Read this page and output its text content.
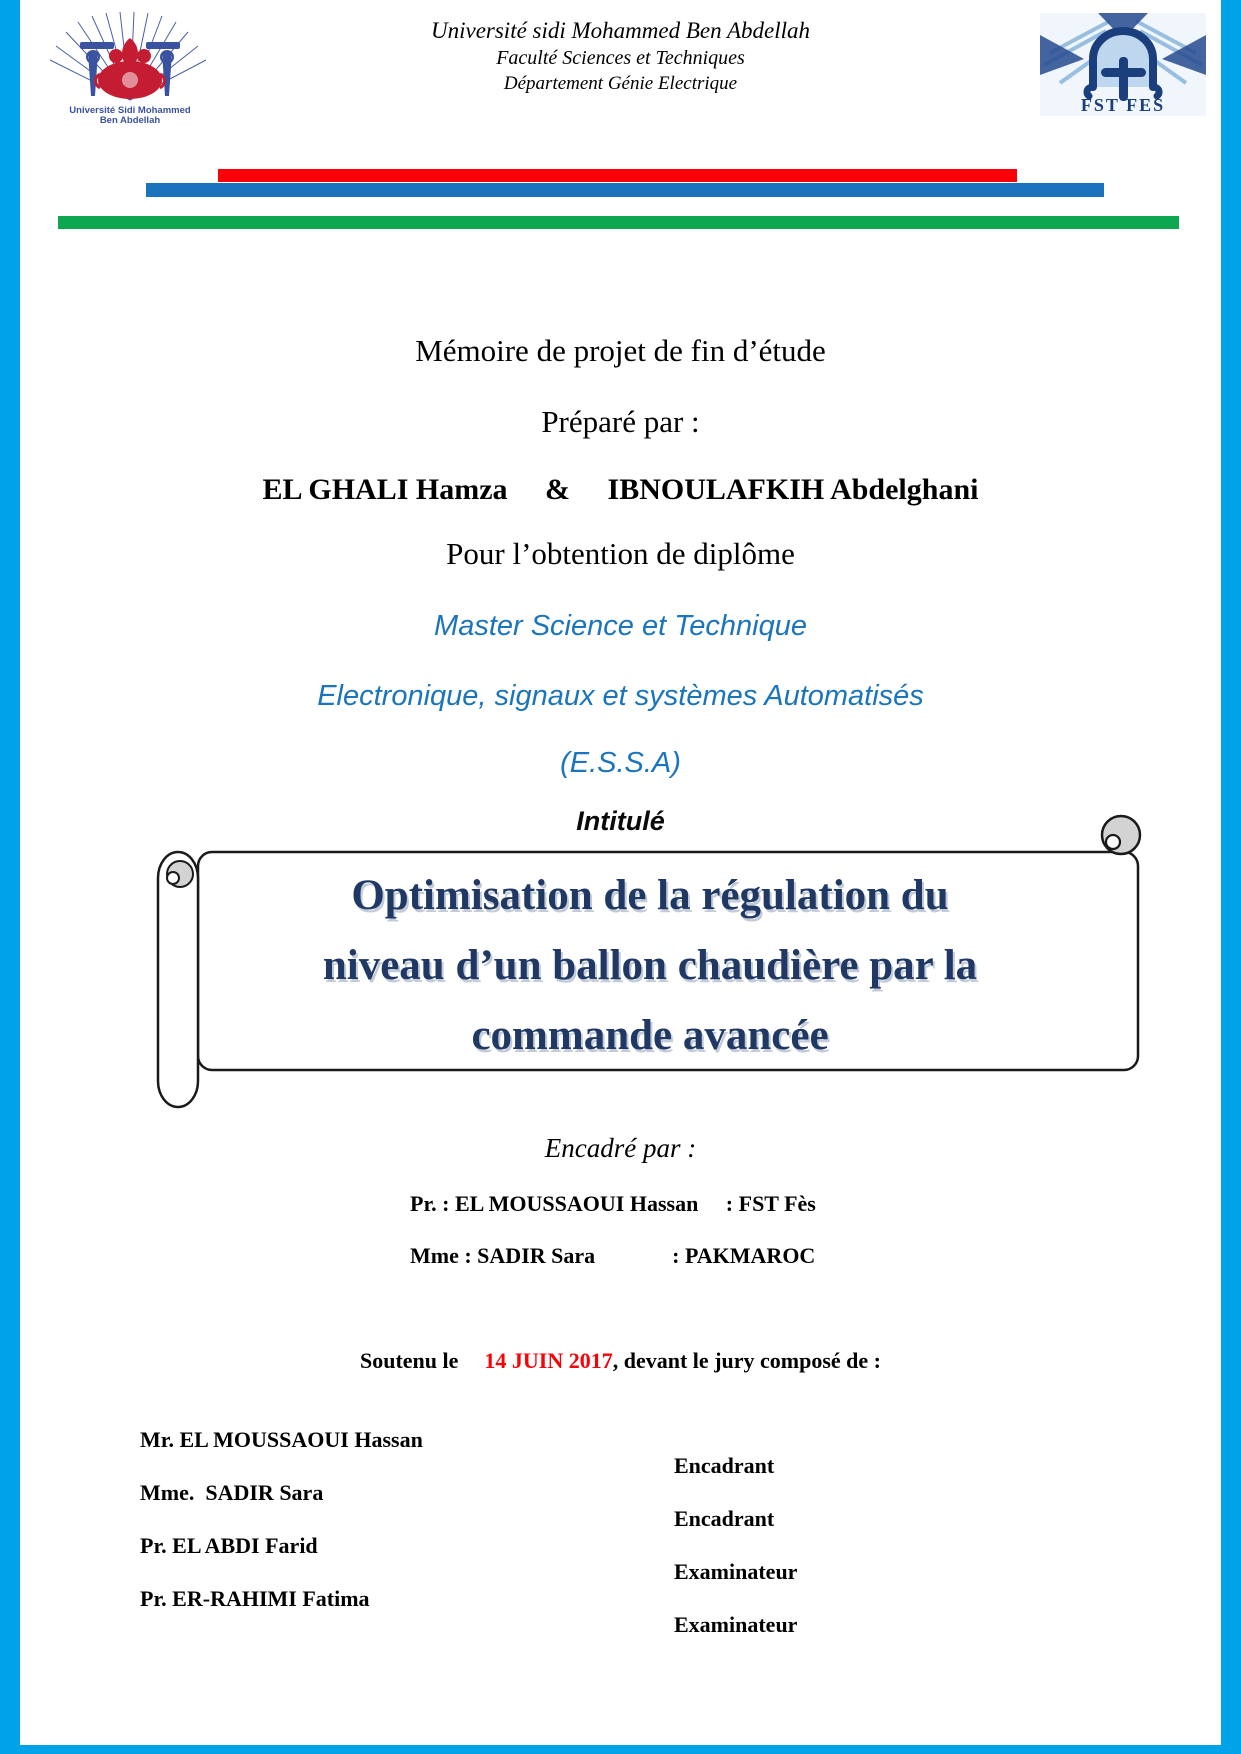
Université Sidi Mohammed
Ben Abdellah
Université sidi Mohammed Ben Abdellah
Faculté Sciences et Techniques
Département Génie Electrique
FST FES
Mémoire de projet de fin d’étude
Préparé par :
EL GHALI Hamza     &     IBNOULAFKIH Abdelghani
Pour l’obtention de diplôme
Master Science et Technique
Electronique, signaux et systèmes Automatisés
(E.S.S.A)
Intitulé
Optimisation de la régulation du
niveau d’un ballon chaudière par la
commande avancée
Encadré par :
Pr. : EL MOUSSAOUI Hassan     : FST Fès
Mme : SADIR Sara              : PAKMAROC
Soutenu le 14 JUIN 2017, devant le jury composé de :

Mr. EL MOUSSAOUI Hassan

Encadrant

Mme.  SADIR Sara

Encadrant

Pr. EL ABDI Farid

Examinateur

Pr. ER-RAHIMI Fatima

Examinateur
